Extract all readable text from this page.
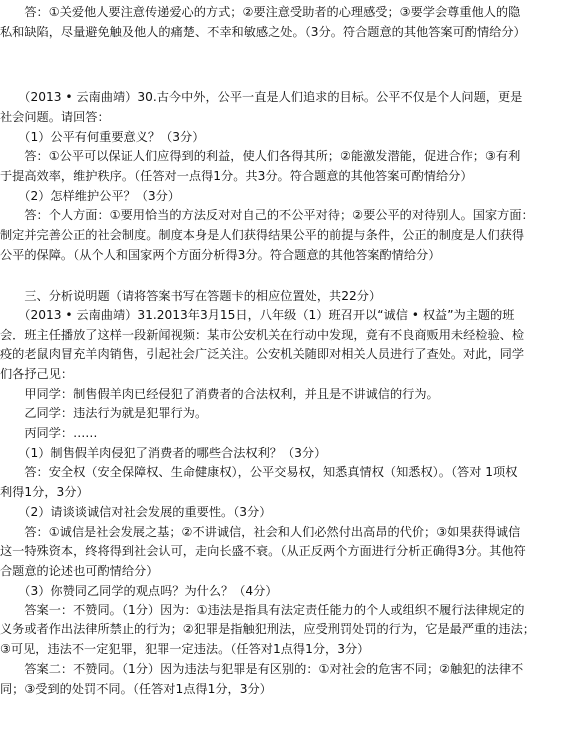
　　答：①关爱他人要注意传递爱心的方式；②要注意受助者的心理感受；③要学会尊重他人的隐
私和缺陷，尽量避免触及他人的痛楚、不幸和敏感之处。（3分。符合题意的其他答案可酌情给分）
　　（2013 • 云南曲靖）30.古今中外，公平一直是人们追求的目标。公平不仅是个人问题，更是
社会问题。请回答：
　　（1）公平有何重要意义？（3分）
　　答：①公平可以保证人们应得到的利益，使人们各得其所；②能激发潜能，促进合作；③有利
于提高效率，维护秩序。（任答对一点得1分。共3分。符合题意的其他答案可酌情给分）
　　（2）怎样维护公平？（3分）
　　答：个人方面：①要用恰当的方法反对对自己的不公平对待；②要公平的对待别人。国家方面：
制定并完善公正的社会制度。制度本身是人们获得结果公平的前提与条件，公正的制度是人们获得
公平的保障。（从个人和国家两个方面分析得3分。符合题意的其他答案酌情给分）
　　三、分析说明题（请将答案书写在答题卡的相应位置处，共22分）
　　（2013 • 云南曲靖）31.2013年3月15日，八年级（1）班召开以“诚信 • 权益”为主题的班
会．班主任播放了这样一段新闻视频：某市公安机关在行动中发现，竟有不良商贩用未经检验、检
疫的老鼠肉冒充羊肉销售，引起社会广泛关注。公安机关随即对相关人员进行了查处。对此，同学
们各抒己见：
　　甲同学：制售假羊肉已经侵犯了消费者的合法权利，并且是不讲诚信的行为。
　　乙同学：违法行为就是犯罪行为。
　　丙同学：……
　　（1）制售假羊肉侵犯了消费者的哪些合法权利？（3分）
　　答：安全权（安全保障权、生命健康权），公平交易权，知悉真情权（知悉权）。（答对 1项权
利得1分，3分）
　　（2）请谈谈诚信对社会发展的重要性。（3分）
　　答：①诚信是社会发展之基；②不讲诚信，社会和人们必然付出高昂的代价；③如果获得诚信
这一特殊资本，终将得到社会认可，走向长盛不衰。（从正反两个方面进行分析正确得3分。其他符
合题意的论述也可酌情给分）
　　（3）你赞同乙同学的观点吗？为什么？（4分）
　　答案一：不赞同。（1分）因为：①违法是指具有法定责任能力的个人或组织不履行法律规定的
义务或者作出法律所禁止的行为；②犯罪是指触犯刑法，应受刑罚处罚的行为，它是最严重的违法；
③可见，违法不一定犯罪，犯罪一定违法。（任答对1点得1分，3分）
　　答案二：不赞同。（1分）因为违法与犯罪是有区别的：①对社会的危害不同；②触犯的法律不
同；③受到的处罚不同。（任答对1点得1分，3分）
